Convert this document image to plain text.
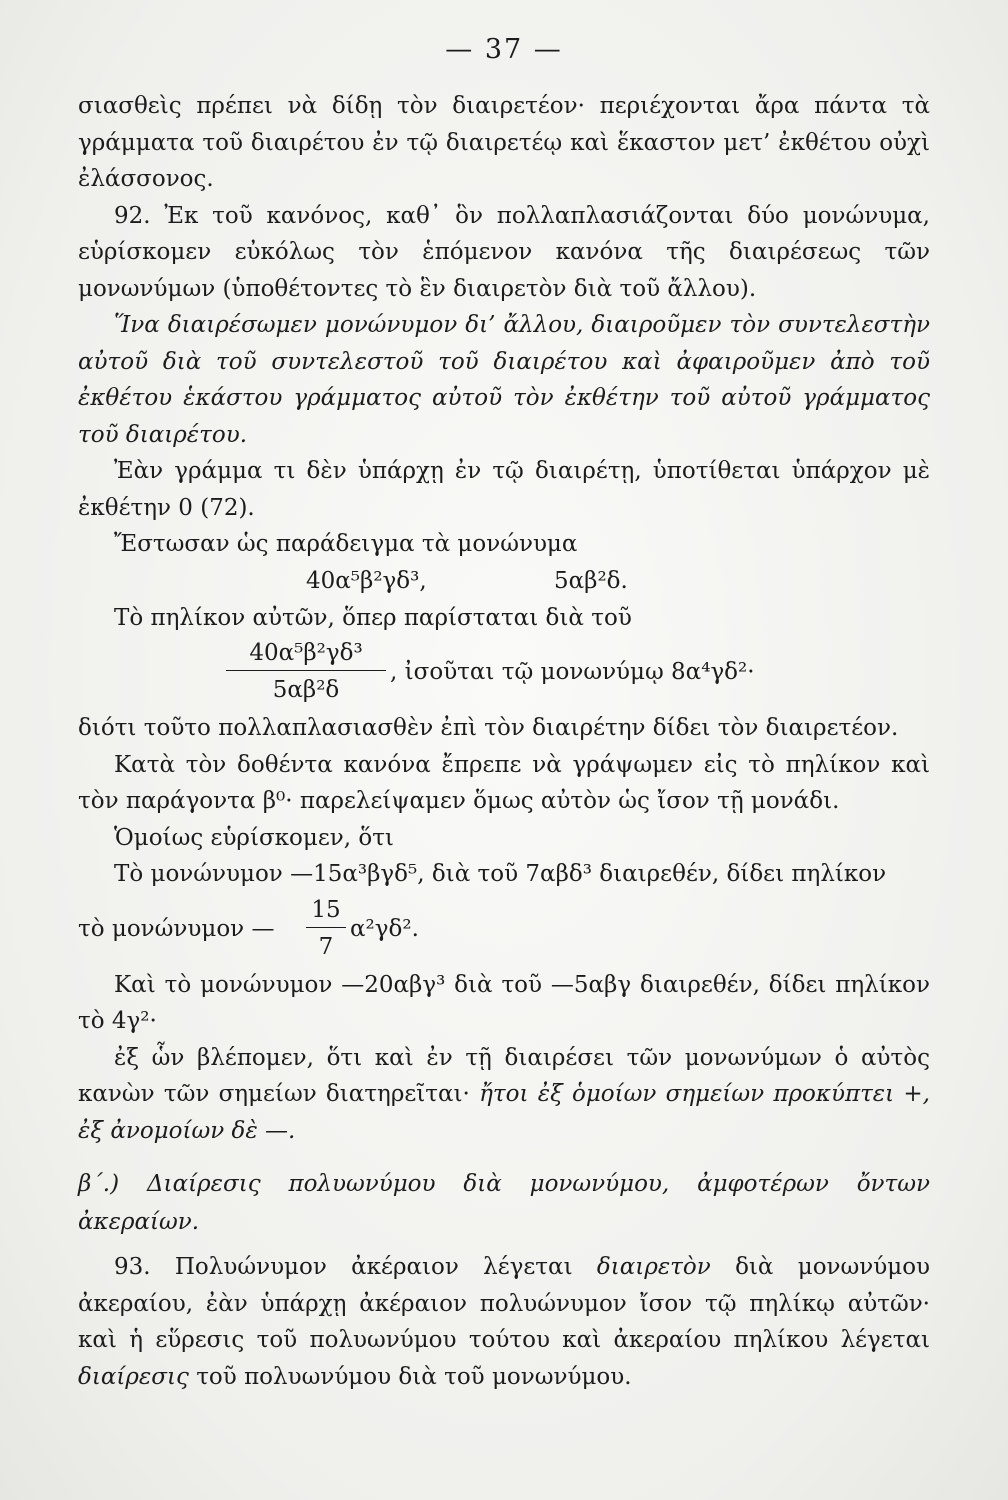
— 37 —

σιασθεὶς πρέπει νὰ δίδῃ τὸν διαιρετέον· περιέχονται ἄρα πάντα τὰ γράμματα τοῦ διαιρέτου ἐν τῷ διαιρετέῳ καὶ ἕκαστον μετ’ ἐκθέτου οὐχὶ ἐλάσσονος.

92. Ἐκ τοῦ κανόνος, καθ᾽ ὃν πολλαπλασιάζονται δύο μονώνυμα, εὑρίσκομεν εὐκόλως τὸν ἑπόμενον κανόνα τῆς διαιρέσεως τῶν μονωνύμων (ὑποθέτοντες τὸ ἓν διαιρετὸν διὰ τοῦ ἄλλου).

Ἵνα διαιρέσωμεν μονώνυμον δι’ ἄλλου, διαιροῦμεν τὸν συντελεστὴν αὐτοῦ διὰ τοῦ συντελεστοῦ τοῦ διαιρέτου καὶ ἀφαιροῦμεν ἀπὸ τοῦ ἐκθέτου ἑκάστου γράμματος αὐτοῦ τὸν ἐκθέτην τοῦ αὐτοῦ γράμματος τοῦ διαιρέτου.

Ἐὰν γράμμα τι δὲν ὑπάρχῃ ἐν τῷ διαιρέτῃ, ὑποτίθεται ὑπάρχον μὲ ἐκθέτην 0 (72).

Ἔστωσαν ὡς παράδειγμα τὰ μονώνυμα

40α⁵β²γδ³,	5αβ²δ.

Τὸ πηλίκον αὐτῶν, ὅπερ παρίσταται διὰ τοῦ

$\frac{\text{40α⁵β²γδ³}}{\text{5αβ²δ}}$ , ἰσοῦται τῷ μονωνύμῳ 8α⁴γδ²·

διότι τοῦτο πολλαπλασιασθὲν ἐπὶ τὸν διαιρέτην δίδει τὸν διαιρετέον.

Κατὰ τὸν δοθέντα κανόνα ἔπρεπε νὰ γράψωμεν εἰς τὸ πηλίκον καὶ τὸν παράγοντα β⁰· παρελείψαμεν ὅμως αὐτὸν ὡς ἴσον τῇ μονάδι.

Ὁμοίως εὑρίσκομεν, ὅτι

Τὸ μονώνυμον —15α³βγδ⁵, διὰ τοῦ 7αβδ³ διαιρεθέν, δίδει πηλίκον

τὸ μονώνυμον — $\frac{15}{7} \alpha^2\gamma\delta^2$.

Καὶ τὸ μονώνυμον —20αβγ³ διὰ τοῦ —5αβγ διαιρεθέν, δίδει πηλίκον τὸ 4γ²·

ἐξ ὧν βλέπομεν, ὅτι καὶ ἐν τῇ διαιρέσει τῶν μονωνύμων ὁ αὐτὸς κανὼν τῶν σημείων διατηρεῖται· ἤτοι ἐξ ὁμοίων σημείων προκύπτει +, ἐξ ἀνομοίων δὲ —.

β΄.) Διαίρεσις πολυωνύμου διὰ μονωνύμου, ἀμφοτέρων ὄντων ἀκεραίων.

93. Πολυώνυμον ἀκέραιον λέγεται διαιρετὸν διὰ μονωνύμου ἀκεραίου, ἐὰν ὑπάρχῃ ἀκέραιον πολυώνυμον ἴσον τῷ πηλίκῳ αὐτῶν· καὶ ἡ εὕρεσις τοῦ πολυωνύμου τούτου καὶ ἀκεραίου πηλίκου λέγεται διαίρεσις τοῦ πολυωνύμου διὰ τοῦ μονωνύμου.
